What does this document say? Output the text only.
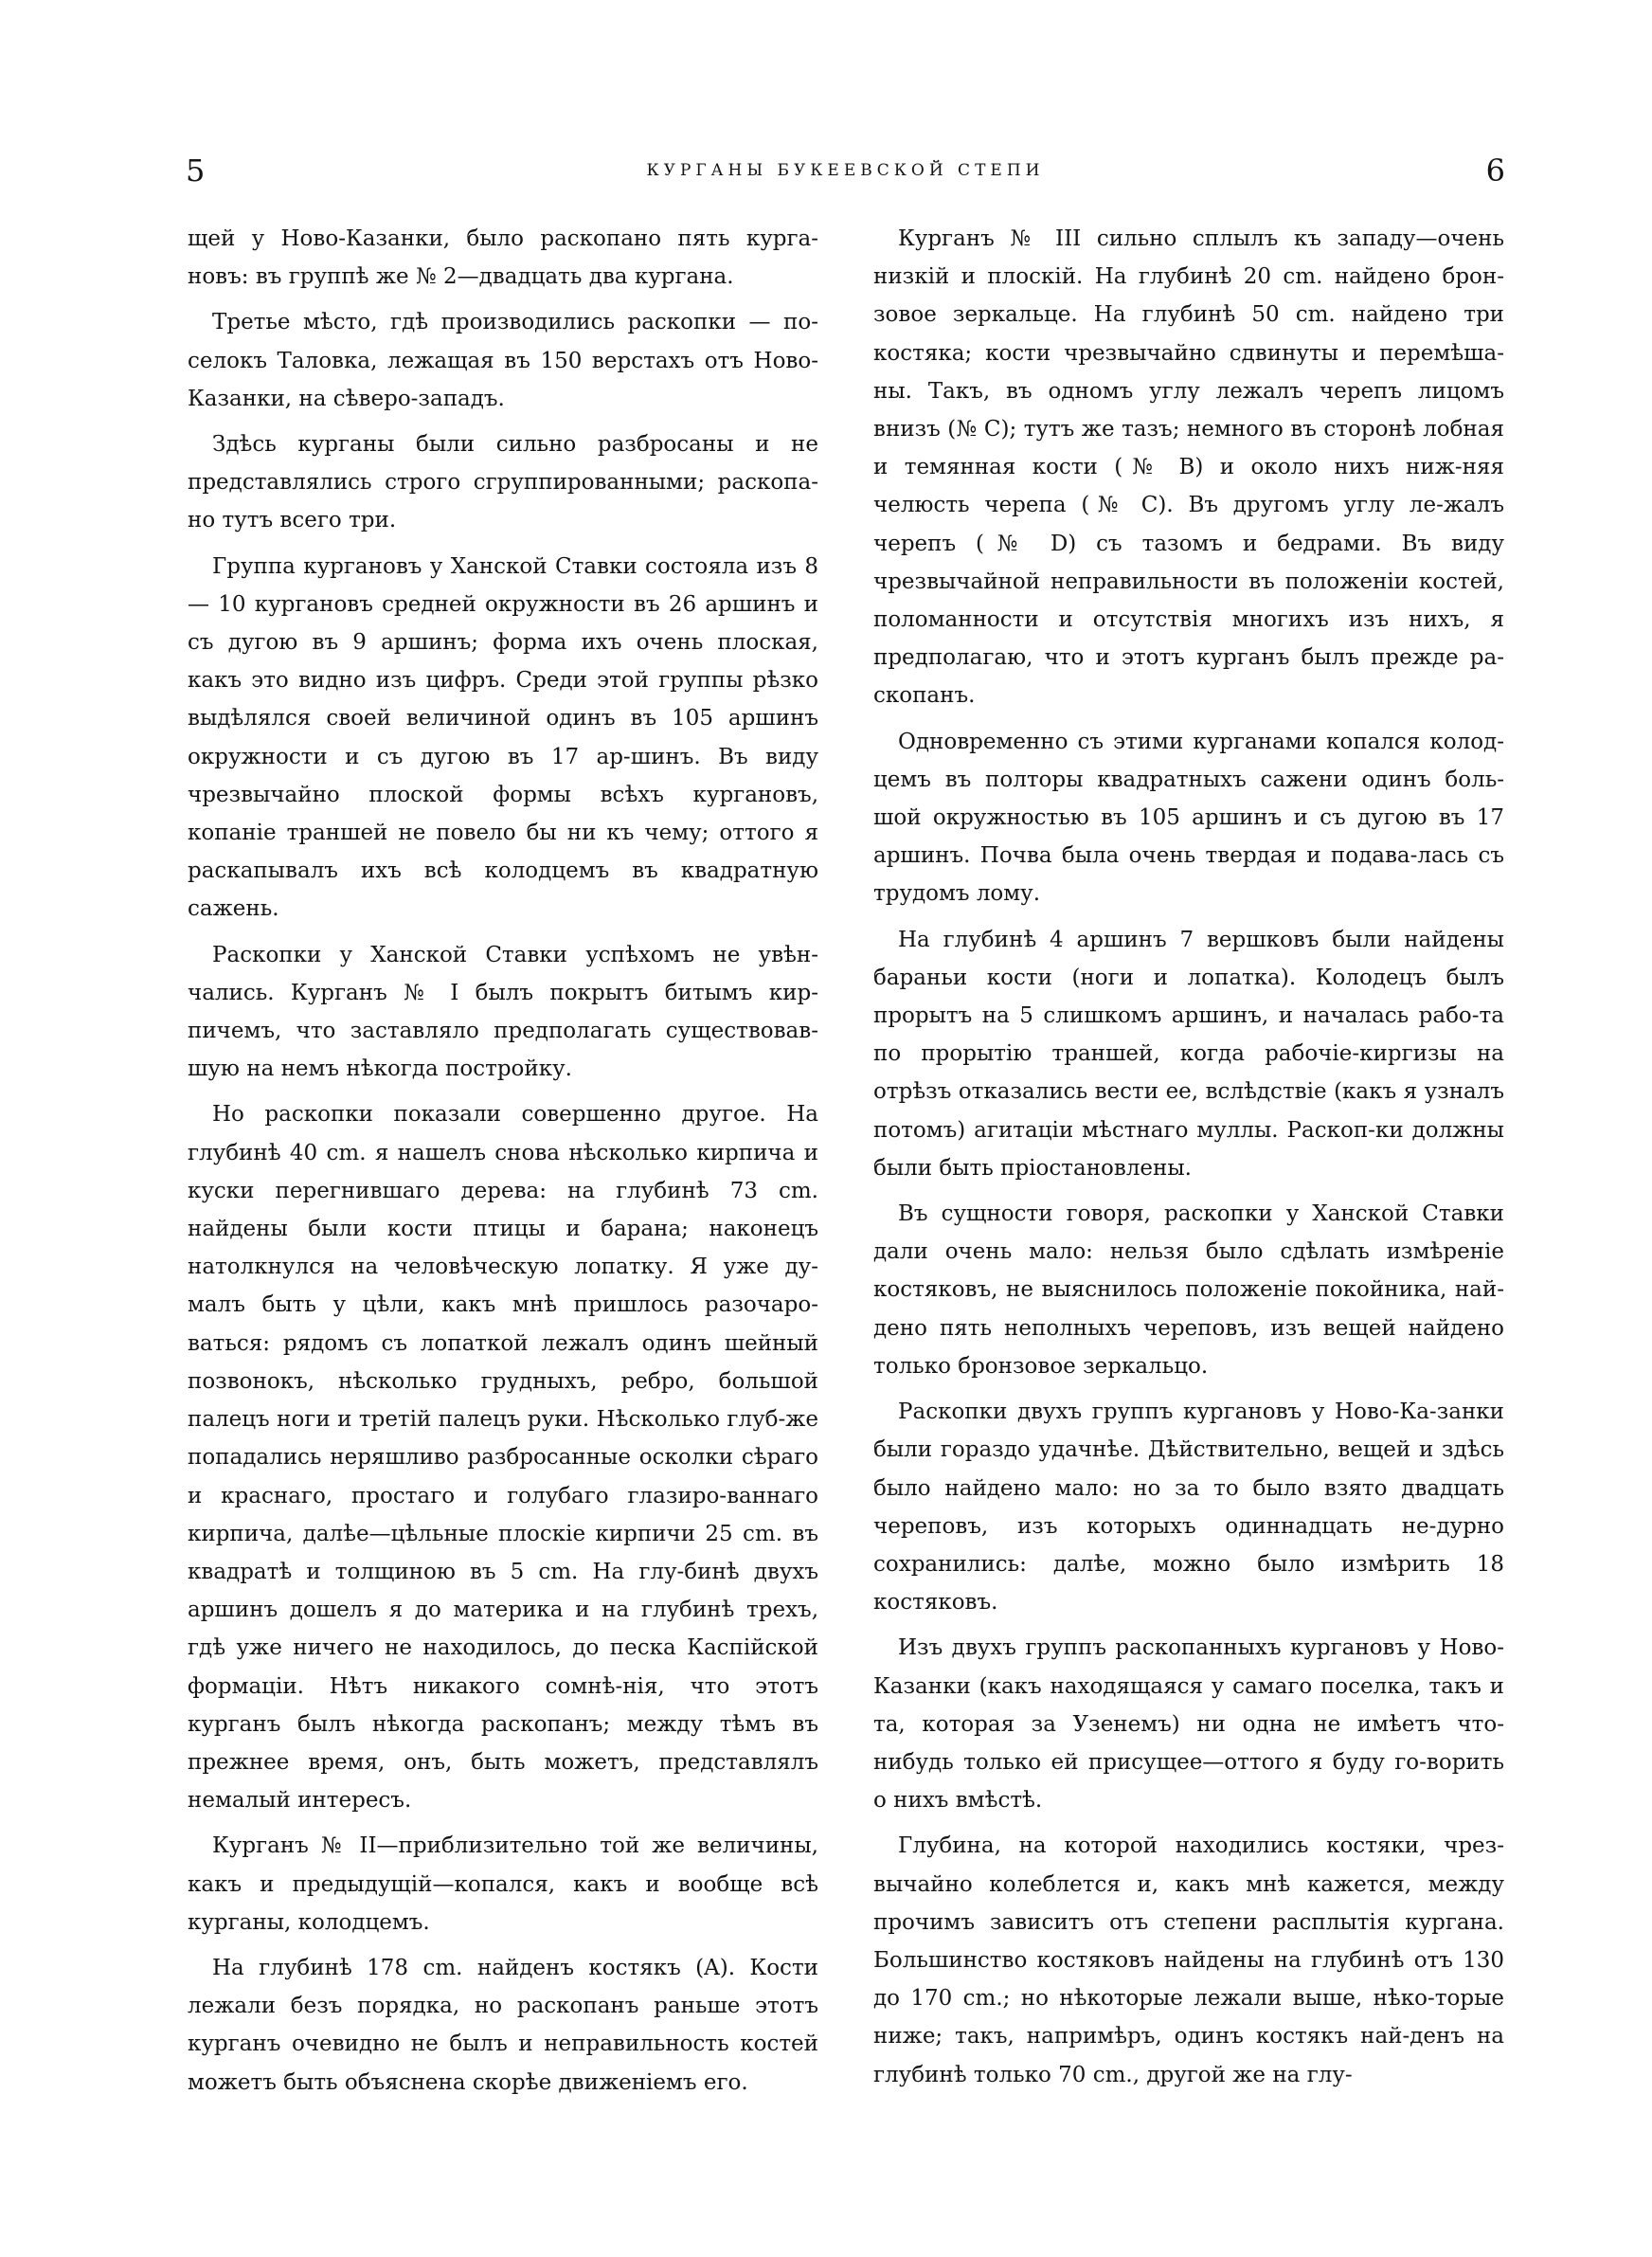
5	КУРГАНЫ БУКЕЕВСКОЙ СТЕПИ	6

щей у Ново-Казанки, было раскопано пять курга-новъ: въ группѣ же № 2—двадцать два кургана.

Третье мѣсто, гдѣ производились раскопки — по-селокъ Таловка, лежащая въ 150 верстахъ отъ Ново-Казанки, на сѣверо-западъ.

Здѣсь курганы были сильно разбросаны и не представлялись строго сгруппированными; раскопа-но тутъ всего три.

Группа кургановъ у Ханской Ставки состояла изъ 8 — 10 кургановъ средней окружности въ 26 аршинъ и съ дугою въ 9 аршинъ; форма ихъ очень плоская, какъ это видно изъ цифръ. Среди этой группы рѣзко выдѣлялся своей величиной одинъ въ 105 аршинъ окружности и съ дугою въ 17 ар-шинъ. Въ виду чрезвычайно плоской формы всѣхъ кургановъ, копаніе траншей не повело бы ни къ чему; оттого я раскапывалъ ихъ всѣ колодцемъ въ квадратную сажень.

Раскопки у Ханской Ставки успѣхомъ не увѣн-чались. Курганъ № I былъ покрытъ битымъ кир-пичемъ, что заставляло предполагать существовав-шую на немъ нѣкогда постройку.

Но раскопки показали совершенно другое. На глубинѣ 40 cm. я нашелъ снова нѣсколько кирпича и куски перегнившаго дерева: на глубинѣ 73 cm. найдены были кости птицы и барана; наконецъ натолкнулся на человѣческую лопатку. Я уже ду-малъ быть у цѣли, какъ мнѣ пришлось разочаро-ваться: рядомъ съ лопаткой лежалъ одинъ шейный позвонокъ, нѣсколько грудныхъ, ребро, большой палецъ ноги и третій палецъ руки. Нѣсколько глуб-же попадались неряшливо разбросанные осколки сѣраго и краснаго, простаго и голубаго глазиро-ваннаго кирпича, далѣе—цѣльные плоскіе кирпичи 25 cm. въ квадратѣ и толщиною въ 5 cm. На глу-бинѣ двухъ аршинъ дошелъ я до материка и на глубинѣ трехъ, гдѣ уже ничего не находилось, до песка Каспійской формаціи. Нѣтъ никакого сомнѣ-нія, что этотъ курганъ былъ нѣкогда раскопанъ; между тѣмъ въ прежнее время, онъ, быть можетъ, представлялъ немалый интересъ.

Курганъ № II—приблизительно той же величины, какъ и предыдущій—копался, какъ и вообще всѣ курганы, колодцемъ.

На глубинѣ 178 cm. найденъ костякъ (A). Кости лежали безъ порядка, но раскопанъ раньше этотъ курганъ очевидно не былъ и неправильность костей можетъ быть объяснена скорѣе движеніемъ его.

Курганъ № III сильно сплылъ къ западу—очень низкій и плоскій. На глубинѣ 20 cm. найдено брон-зовое зеркальце. На глубинѣ 50 cm. найдено три костяка; кости чрезвычайно сдвинуты и перемѣша-ны. Такъ, въ одномъ углу лежалъ черепъ лицомъ внизъ (№ C); тутъ же тазъ; немного въ сторонѣ лобная и темянная кости (№ B) и около нихъ ниж-няя челюсть черепа (№ C). Въ другомъ углу ле-жалъ черепъ (№ D) съ тазомъ и бедрами. Въ виду чрезвычайной неправильности въ положеніи костей, поломанности и отсутствія многихъ изъ нихъ, я предполагаю, что и этотъ курганъ былъ прежде ра-скопанъ.

Одновременно съ этими курганами копался колод-цемъ въ полторы квадратныхъ сажени одинъ боль-шой окружностью въ 105 аршинъ и съ дугою въ 17 аршинъ. Почва была очень твердая и подава-лась съ трудомъ лому.

На глубинѣ 4 аршинъ 7 вершковъ были найдены бараньи кости (ноги и лопатка). Колодецъ былъ прорытъ на 5 слишкомъ аршинъ, и началась рабо-та по прорытію траншей, когда рабочіе-киргизы на отрѣзъ отказались вести ее, вслѣдствіе (какъ я узналъ потомъ) агитаціи мѣстнаго муллы. Раскоп-ки должны были быть пріостановлены.

Въ сущности говоря, раскопки у Ханской Ставки дали очень мало: нельзя было сдѣлать измѣреніе костяковъ, не выяснилось положеніе покойника, най-дено пять неполныхъ череповъ, изъ вещей найдено только бронзовое зеркальцо.

Раскопки двухъ группъ кургановъ у Ново-Ка-занки были гораздо удачнѣе. Дѣйствительно, вещей и здѣсь было найдено мало: но за то было взято двадцать череповъ, изъ которыхъ одиннадцать не-дурно сохранились: далѣе, можно было измѣрить 18 костяковъ.

Изъ двухъ группъ раскопанныхъ кургановъ у Ново-Казанки (какъ находящаяся у самаго поселка, такъ и та, которая за Узенемъ) ни одна не имѣетъ что-нибудь только ей присущее—оттого я буду го-ворить о нихъ вмѣстѣ.

Глубина, на которой находились костяки, чрез-вычайно колеблется и, какъ мнѣ кажется, между прочимъ зависитъ отъ степени расплытія кургана. Большинство костяковъ найдены на глубинѣ отъ 130 до 170 cm.; но нѣкоторые лежали выше, нѣко-торые ниже; такъ, напримѣръ, одинъ костякъ най-денъ на глубинѣ только 70 cm., другой же на глу-
